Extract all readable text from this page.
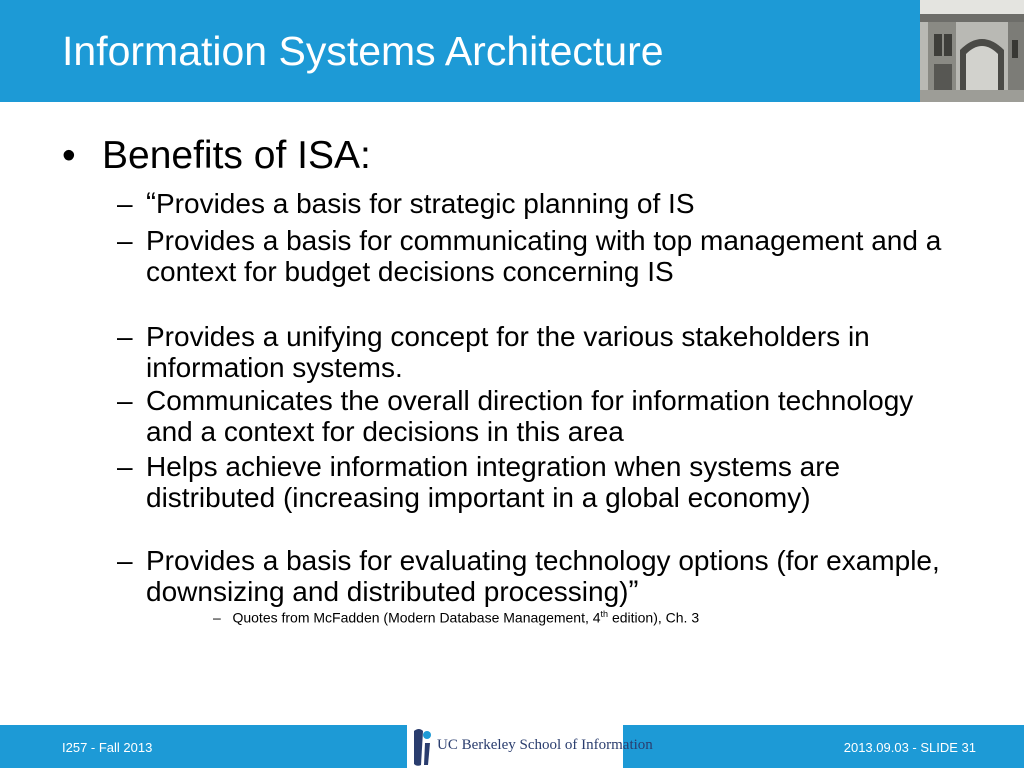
Information Systems Architecture
• Benefits of ISA:
– “Provides a basis for strategic planning of IS
– Provides a basis for communicating with top management and a context for budget decisions concerning IS
– Provides a unifying concept for the various stakeholders in information systems.
– Communicates the overall direction for information technology and a context for decisions in this area
– Helps achieve information integration when systems are distributed (increasing important in a global economy)
– Provides a basis for evaluating technology options (for example, downsizing and distributed processing)”
– Quotes from McFadden (Modern Database Management, 4th edition), Ch. 3
I257 - Fall 2013	UC Berkeley School of Information	2013.09.03 - SLIDE 31
